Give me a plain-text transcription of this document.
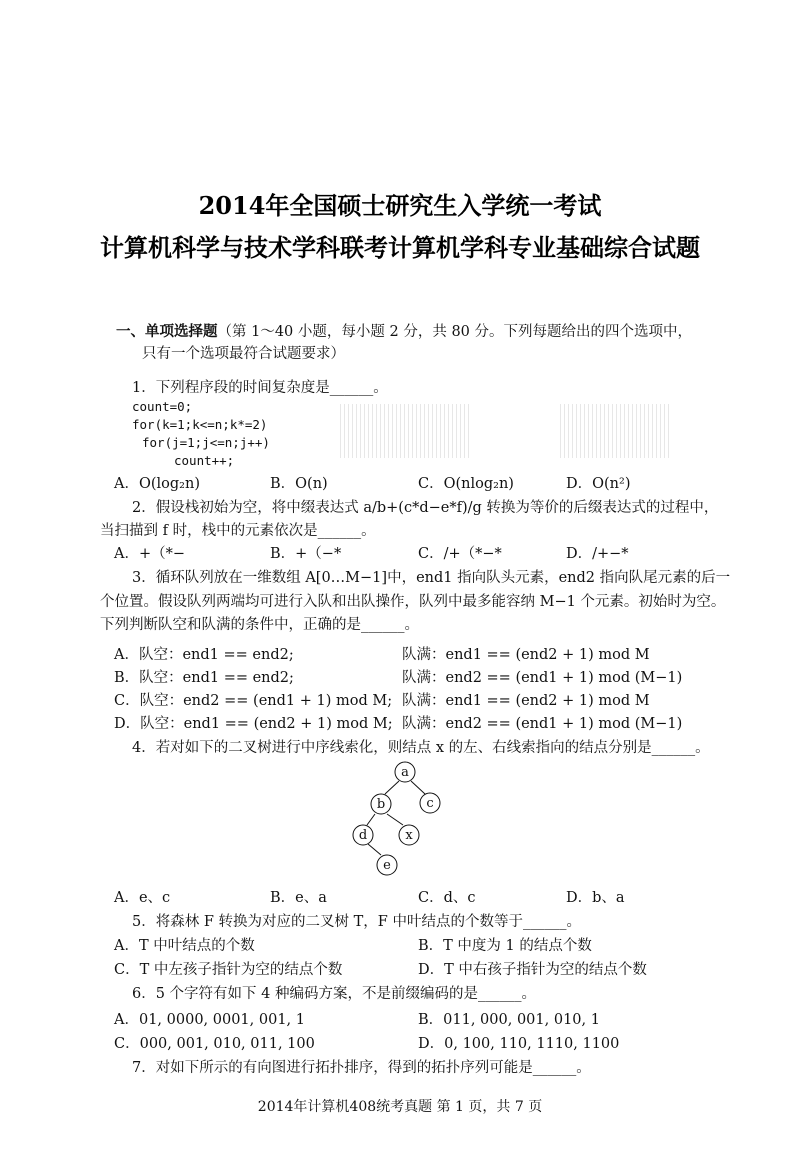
2014年全国硕士研究生入学统一考试
计算机科学与技术学科联考计算机学科专业基础综合试题
一、单项选择题（第 1～40 小题，每小题 2 分，共 80 分。下列每题给出的四个选项中，
只有一个选项最符合试题要求）
1．下列程序段的时间复杂度是______。
count=0;
for(k=1;k<=n;k*=2)
for(j=1;j<=n;j++)
count++;
A．O(log₂n)	B．O(n)	C．O(nlog₂n)	D．O(n²)
2．假设栈初始为空，将中缀表达式 a/b+(c*d−e*f)/g 转换为等价的后缀表达式的过程中，
当扫描到 f 时，栈中的元素依次是______。
A．+（*−	B．+（−*	C．/+（*−*	D．/+−*
3．循环队列放在一维数组 A[0…M−1]中，end1 指向队头元素，end2 指向队尾元素的后一
个位置。假设队列两端均可进行入队和出队操作，队列中最多能容纳 M−1 个元素。初始时为空。
下列判断队空和队满的条件中，正确的是______。
A．队空：end1 == end2;	队满：end1 == (end2 + 1) mod M
B．队空：end1 == end2;	队满：end2 == (end1 + 1) mod (M−1)
C．队空：end2 == (end1 + 1) mod M; 队满：end1 == (end2 + 1) mod M
D．队空：end1 == (end2 + 1) mod M; 队满：end2 == (end1 + 1) mod (M−1)
4．若对如下的二叉树进行中序线索化，则结点 x 的左、右线索指向的结点分别是______。
a
b	c
d	x
e
A．e、c	B．e、a	C．d、c	D．b、a
5．将森林 F 转换为对应的二叉树 T，F 中叶结点的个数等于______。
A．T 中叶结点的个数	B．T 中度为 1 的结点个数
C．T 中左孩子指针为空的结点个数	D．T 中右孩子指针为空的结点个数
6．5 个字符有如下 4 种编码方案，不是前缀编码的是______。
A．01, 0000, 0001, 001, 1	B．011, 000, 001, 010, 1
C．000, 001, 010, 011, 100	D．0, 100, 110, 1110, 1100
7．对如下所示的有向图进行拓扑排序，得到的拓扑序列可能是______。
2014年计算机408统考真题 第 1 页，共 7 页
